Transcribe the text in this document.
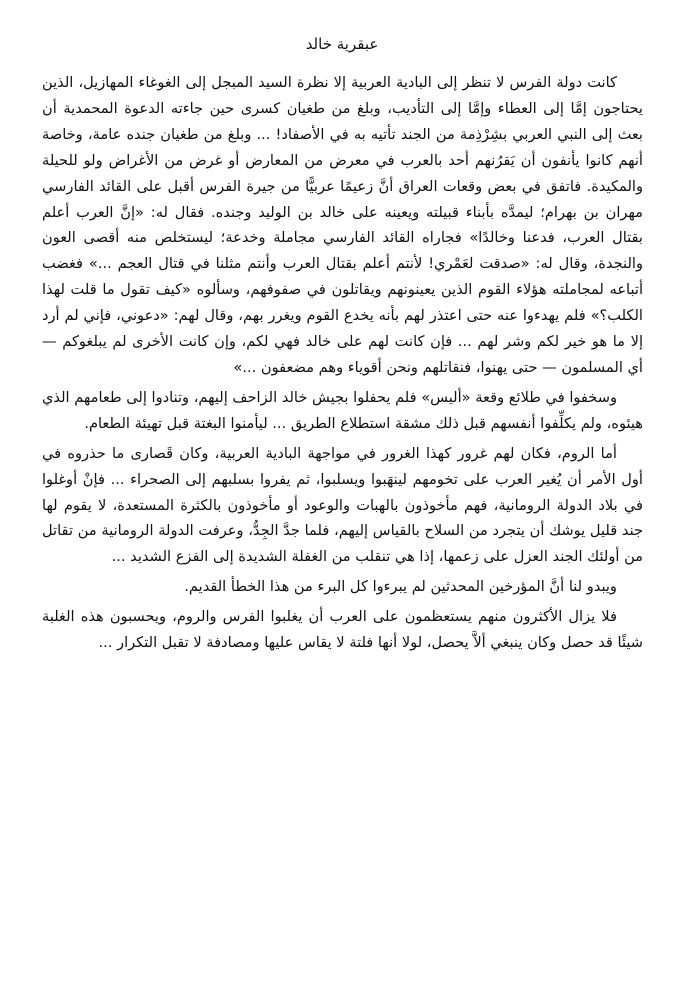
عبقرية خالد

كانت دولة الفرس لا تنظر إلى البادية العربية إلا نظرة السيد المبجل إلى الغوغاء المهازيل، الذين يحتاجون إمَّا إلى العطاء وإمَّا إلى التأديب، وبلغ من طغيان كسرى حين جاءته الدعوة المحمدية أن بعث إلى النبي العربي بشِرْذِمة من الجند تأتيه به في الأصفاد! ... وبلغ من طغيان جنده عامة، وخاصة أنهم كانوا يأنفون أن يَقرُنهم أحد بالعرب في معرض من المعارض أو غرض من الأغراض ولو للحيلة والمكيدة. فاتفق في بعض وقعات العراق أنَّ زعيمًا عربيًّا من جيرة الفرس أقبل على القائد الفارسي مهران بن بهرام؛ ليمدَّه بأبناء قبيلته ويعينه على خالد بن الوليد وجنده. فقال له: «إنَّ العرب أعلم بقتال العرب، فدعنا وخالدًا» فجاراه القائد الفارسي مجاملة وخدعة؛ ليستخلص منه أقصى العون والنجدة، وقال له: «صدقت لعَمْري! لأنتم أعلم بقتال العرب وأنتم مثلنا في قتال العجم ...» فغضب أتباعه لمجاملته هؤلاء القوم الذين يعينونهم ويقاتلون في صفوفهم، وسألوه «كيف تقول ما قلت لهذا الكلب؟» فلم يهدءوا عنه حتى اعتذر لهم بأنه يخدع القوم ويغرر بهم، وقال لهم: «دعوني، فإني لم أرد إلا ما هو خير لكم وشر لهم ... فإن كانت لهم على خالد فهي لكم، وإن كانت الأخرى لم يبلغوكم — أي المسلمون — حتى يهنوا، فنقاتلهم ونحن أقوياء وهم مضعفون ...»

وسخفوا في طلائع وقعة «أليس» فلم يحفلوا بجيش خالد الزاحف إليهم، وتنادوا إلى طعامهم الذي هيئوه، ولم يكلِّفوا أنفسهم قبل ذلك مشقة استطلاع الطريق ... ليأمنوا البغتة قبل تهيئة الطعام.

أما الروم، فكان لهم غرور كهذا الغرور في مواجهة البادية العربية، وكان قَصارى ما حذروه في أول الأمر أن يُغير العرب على تخومهم لينهَبوا ويسلبوا، ثم يفروا بسلبهم إلى الصحراء ... فإنْ أوغلوا في بلاد الدولة الرومانية، فهم مأخوذون بالهبات والوعود أو مأخوذون بالكثرة المستعدة، لا يقوم لها جند قليل يوشك أن يتجرد من السلاح بالقياس إليهم، فلما جدَّ الجِدُّ، وعرفت الدولة الرومانية من تقاتل من أولئك الجند العزل على زعمها، إذا هي تنقلب من الغفلة الشديدة إلى الفزع الشديد ...

ويبدو لنا أنَّ المؤرخين المحدثين لم يبرءوا كل البرء من هذا الخطأ القديم.

فلا يزال الأكثرون منهم يستعظمون على العرب أن يغلبوا الفرس والروم، ويحسبون هذه الغلبة شيئًا قد حصل وكان ينبغي ألاَّ يحصل، لولا أنها فلتة لا يقاس عليها ومصادفة لا تقبل التكرار ...
